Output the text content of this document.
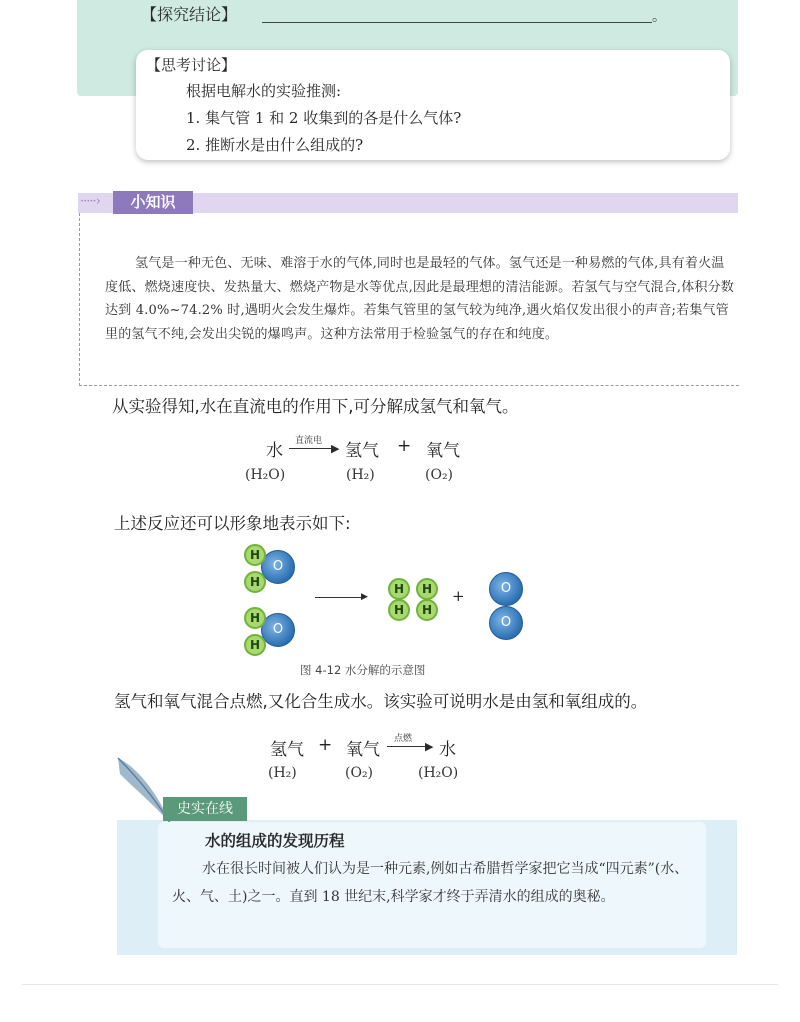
【探究结论】	。
【思考讨论】
根据电解水的实验推测:
1. 集气管 1 和 2 收集到的各是什么气体?
2. 推断水是由什么组成的?
·····›	小知识

氢气是一种无色、无味、难溶于水的气体,同时也是最轻的气体。氢气还是一种易燃的气体,具有着火温度低、燃烧速度快、发热量大、燃烧产物是水等优点,因此是最理想的清洁能源。若氢气与空气混合,体积分数达到 4.0%~74.2% 时,遇明火会发生爆炸。若集气管里的氢气较为纯净,遇火焰仅发出很小的声音;若集气管里的氢气不纯,会发出尖锐的爆鸣声。这种方法常用于检验氢气的存在和纯度。

从实验得知,水在直流电的作用下,可分解成氢气和氧气。
水 直流电
▶ 氢气 + 氧气
(H₂O)	(H₂)	(O₂)
上述反应还可以形象地表示如下:
O
H
H
O
H
H
▶
H
H
H
H
+	O
O
图 4-12 水分解的示意图
氢气和氧气混合点燃,又化合生成水。该实验可说明水是由氢和氧组成的。
氢气 + 氧气
点燃
▶ 水
(H₂)	(O₂)	(H₂O)
史实在线
水的组成的发现历程

水在很长时间被人们认为是一种元素,例如古希腊哲学家把它当成“四元素”(水、火、气、土)之一。直到 18 世纪末,科学家才终于弄清水的组成的奥秘。
